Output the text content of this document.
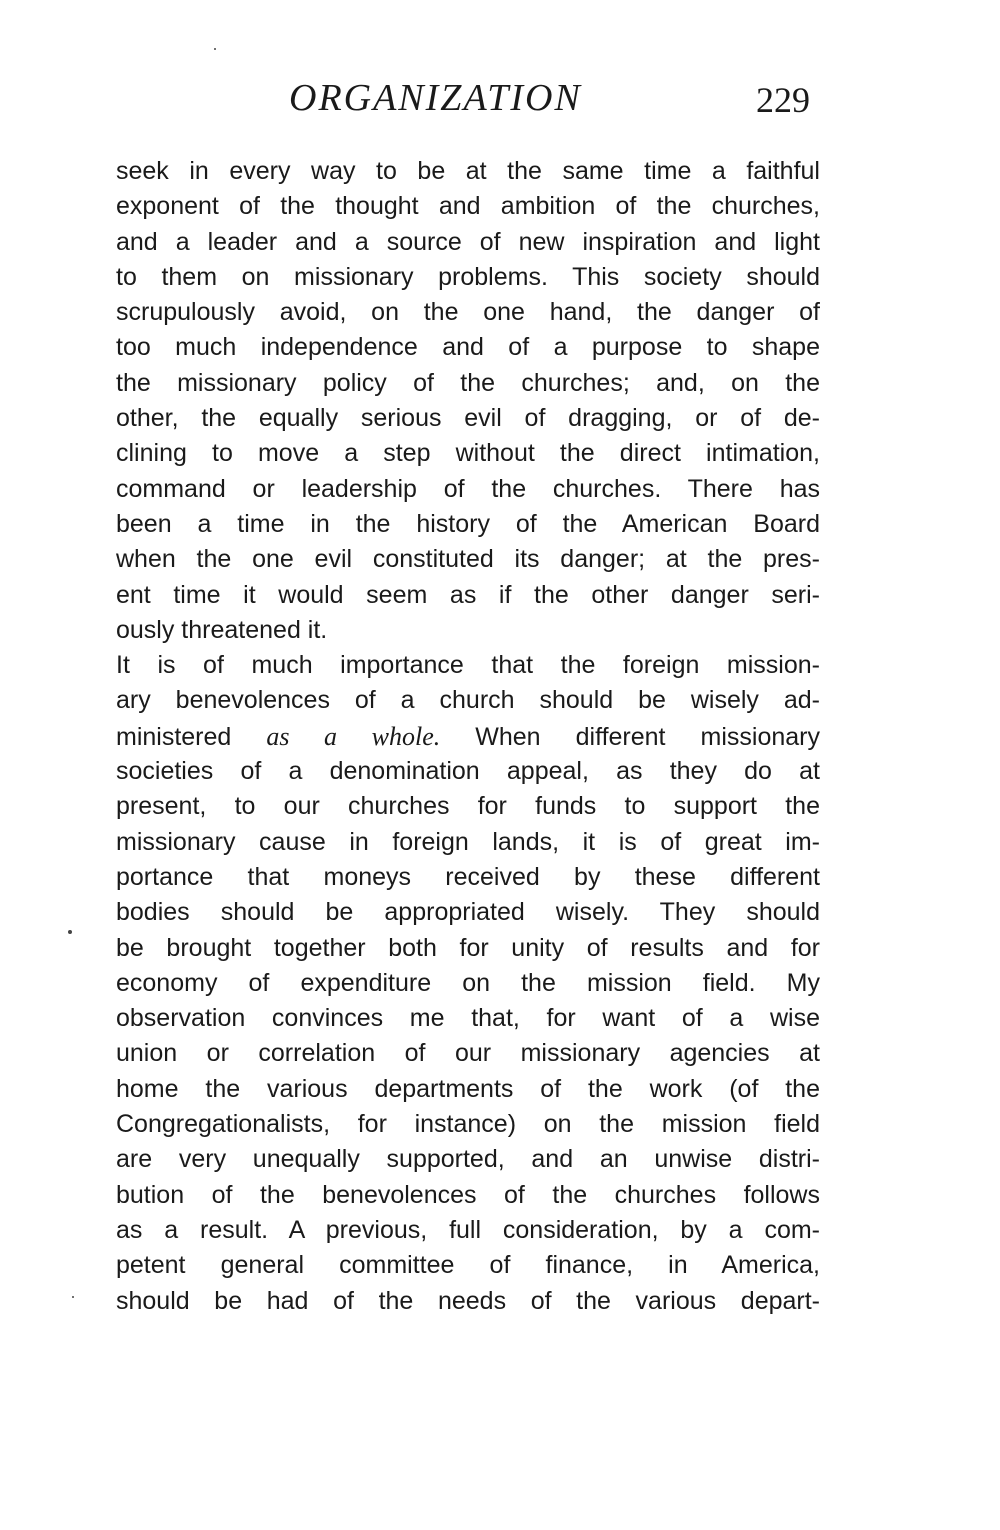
ORGANIZATION	229
seek in every way to be at the same time a faithful
exponent of the thought and ambition of the churches,
and a leader and a source of new inspiration and light
to them on missionary problems. This society should
scrupulously avoid, on the one hand, the danger of
too much independence and of a purpose to shape
the missionary policy of the churches; and, on the
other, the equally serious evil of dragging, or of de-
clining to move a step without the direct intimation,
command or leadership of the churches. There has
been a time in the history of the American Board
when the one evil constituted its danger; at the pres-
ent time it would seem as if the other danger seri-
ously threatened it.
It is of much importance that the foreign mission-
ary benevolences of a church should be wisely ad-
ministered as a whole. When different missionary
societies of a denomination appeal, as they do at
present, to our churches for funds to support the
missionary cause in foreign lands, it is of great im-
portance that moneys received by these different
bodies should be appropriated wisely. They should
be brought together both for unity of results and for
economy of expenditure on the mission field. My
observation convinces me that, for want of a wise
union or correlation of our missionary agencies at
home the various departments of the work (of the
Congregationalists, for instance) on the mission field
are very unequally supported, and an unwise distri-
bution of the benevolences of the churches follows
as a result. A previous, full consideration, by a com-
petent general committee of finance, in America,
should be had of the needs of the various depart-
